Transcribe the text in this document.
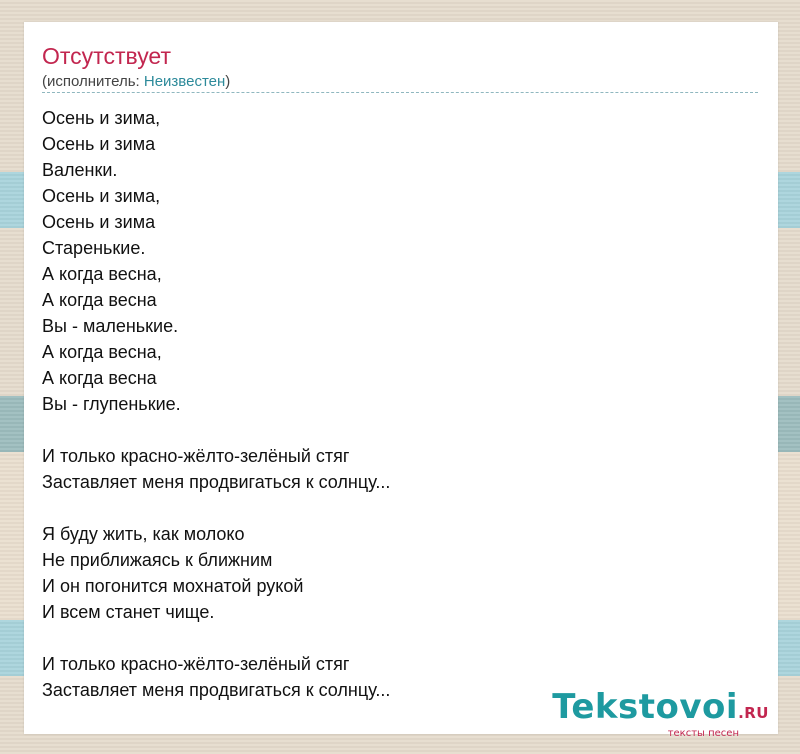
Отсутствует
(исполнитель: Неизвестен)
Осень и зима,
Осень и зима
Валенки.
Осень и зима,
Осень и зима
Старенькие.
А когда весна,
А когда весна
Вы - маленькие.
А когда весна,
А когда весна
Вы - глупенькие.
И только красно-жёлто-зелёный стяг
Заставляет меня продвигаться к солнцу...
Я буду жить, как молоко
Не приближаясь к ближним
И он погонится мохнатой рукой
И всем станет чище.
И только красно-жёлто-зелёный стяг
Заставляет меня продвигаться к солнцу...	Tekstovoi.RU
тексты песен
